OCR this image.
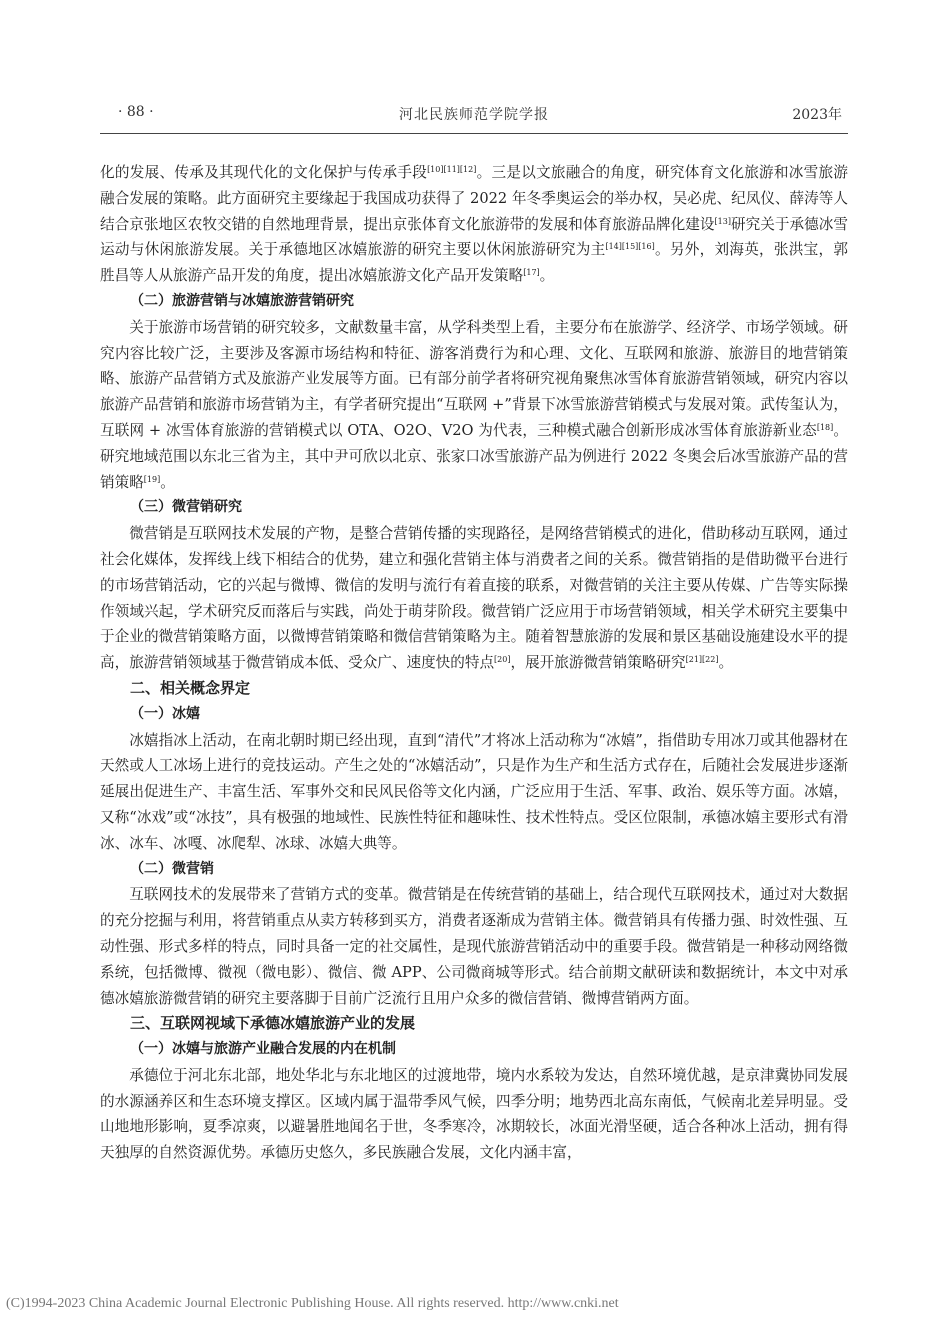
· 88 ·	河北民族师范学院学报	2023年

化的发展、传承及其现代化的文化保护与传承手段[10][11][12]。三是以文旅融合的角度，研究体育文化旅游和冰雪旅游融合发展的策略。此方面研究主要缘起于我国成功获得了 2022 年冬季奥运会的举办权，吴必虎、纪凤仪、薛涛等人结合京张地区农牧交错的自然地理背景，提出京张体育文化旅游带的发展和体育旅游品牌化建设[13]研究关于承德冰雪运动与休闲旅游发展。关于承德地区冰嬉旅游的研究主要以休闲旅游研究为主[14][15][16]。另外，刘海英，张洪宝，郭胜昌等人从旅游产品开发的角度，提出冰嬉旅游文化产品开发策略[17]。

（二）旅游营销与冰嬉旅游营销研究

关于旅游市场营销的研究较多，文献数量丰富，从学科类型上看，主要分布在旅游学、经济学、市场学领域。研究内容比较广泛，主要涉及客源市场结构和特征、游客消费行为和心理、文化、互联网和旅游、旅游目的地营销策略、旅游产品营销方式及旅游产业发展等方面。已有部分前学者将研究视角聚焦冰雪体育旅游营销领域，研究内容以旅游产品营销和旅游市场营销为主，有学者研究提出“互联网 +”背景下冰雪旅游营销模式与发展对策。武传玺认为，互联网 + 冰雪体育旅游的营销模式以 OTA、O2O、V2O 为代表，三种模式融合创新形成冰雪体育旅游新业态[18]。研究地域范围以东北三省为主，其中尹可欣以北京、张家口冰雪旅游产品为例进行 2022 冬奥会后冰雪旅游产品的营销策略[19]。

（三）微营销研究

微营销是互联网技术发展的产物，是整合营销传播的实现路径，是网络营销模式的进化，借助移动互联网，通过社会化媒体，发挥线上线下相结合的优势，建立和强化营销主体与消费者之间的关系。微营销指的是借助微平台进行的市场营销活动，它的兴起与微博、微信的发明与流行有着直接的联系，对微营销的关注主要从传媒、广告等实际操作领域兴起，学术研究反而落后与实践，尚处于萌芽阶段。微营销广泛应用于市场营销领域，相关学术研究主要集中于企业的微营销策略方面，以微博营销策略和微信营销策略为主。随着智慧旅游的发展和景区基础设施建设水平的提高，旅游营销领域基于微营销成本低、受众广、速度快的特点[20]，展开旅游微营销策略研究[21][22]。

二、相关概念界定
（一）冰嬉

冰嬉指冰上活动，在南北朝时期已经出现，直到“清代”才将冰上活动称为“冰嬉”，指借助专用冰刀或其他器材在天然或人工冰场上进行的竞技运动。产生之处的“冰嬉活动”，只是作为生产和生活方式存在，后随社会发展进步逐渐延展出促进生产、丰富生活、军事外交和民风民俗等文化内涵，广泛应用于生活、军事、政治、娱乐等方面。冰嬉，又称“冰戏”或“冰技”，具有极强的地域性、民族性特征和趣味性、技术性特点。受区位限制，承德冰嬉主要形式有滑冰、冰车、冰嘎、冰爬犁、冰球、冰嬉大典等。

（二）微营销

互联网技术的发展带来了营销方式的变革。微营销是在传统营销的基础上，结合现代互联网技术，通过对大数据的充分挖掘与利用，将营销重点从卖方转移到买方，消费者逐渐成为营销主体。微营销具有传播力强、时效性强、互动性强、形式多样的特点，同时具备一定的社交属性，是现代旅游营销活动中的重要手段。微营销是一种移动网络微系统，包括微博、微视（微电影）、微信、微 APP、公司微商城等形式。结合前期文献研读和数据统计，本文中对承德冰嬉旅游微营销的研究主要落脚于目前广泛流行且用户众多的微信营销、微博营销两方面。

三、互联网视域下承德冰嬉旅游产业的发展
（一）冰嬉与旅游产业融合发展的内在机制

承德位于河北东北部，地处华北与东北地区的过渡地带，境内水系较为发达，自然环境优越，是京津冀协同发展的水源涵养区和生态环境支撑区。区域内属于温带季风气候，四季分明；地势西北高东南低，气候南北差异明显。受山地地形影响，夏季凉爽，以避暑胜地闻名于世，冬季寒冷，冰期较长，冰面光滑坚硬，适合各种冰上活动，拥有得天独厚的自然资源优势。承德历史悠久，多民族融合发展，文化内涵丰富，

(C)1994-2023 China Academic Journal Electronic Publishing House. All rights reserved. http://www.cnki.net
